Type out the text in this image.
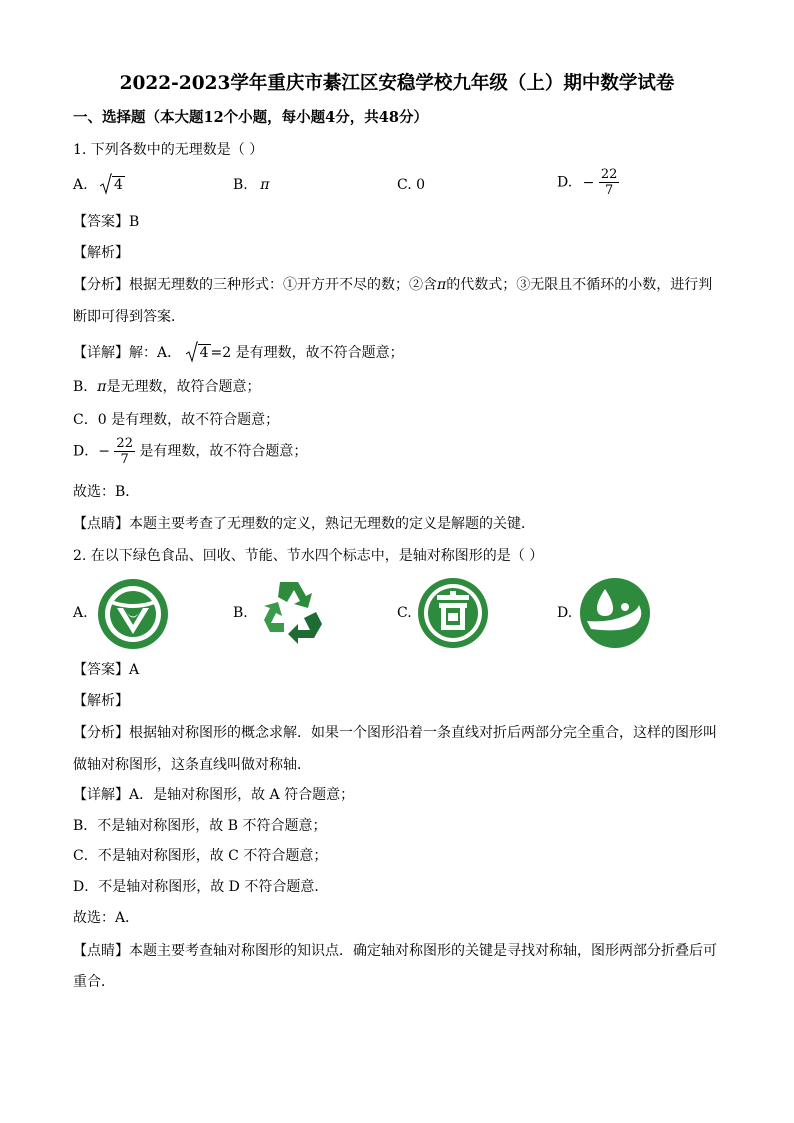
2022-2023学年重庆市綦江区安稳学校九年级（上）期中数学试卷
一、选择题（本大题12个小题，每小题4分，共48分）
1. 下列各数中的无理数是（ ）
A. 4	B. π	C. 0	D. − $\frac{22}{7}$
【答案】B
【解析】
【分析】根据无理数的三种形式：①开方开不尽的数；②含π的代数式；③无限且不循环的小数，进行判
断即可得到答案．
【详解】解：A． 4 =2 是有理数，故不符合题意；
B．π是无理数，故符合题意；
C．0 是有理数，故不符合题意；
D．− $\frac{22}{7}$ 是有理数，故不符合题意；
故选：B．
【点睛】本题主要考查了无理数的定义，熟记无理数的定义是解题的关键．
2. 在以下绿色食品、回收、节能、节水四个标志中，是轴对称图形的是（ ）
A.	B.	C.	D.
【答案】A
【解析】
【分析】根据轴对称图形的概念求解．如果一个图形沿着一条直线对折后两部分完全重合，这样的图形叫
做轴对称图形，这条直线叫做对称轴．
【详解】A．是轴对称图形，故 A 符合题意；
B．不是轴对称图形，故 B 不符合题意；
C．不是轴对称图形，故 C 不符合题意；
D．不是轴对称图形，故 D 不符合题意．
故选：A．
【点睛】本题主要考查轴对称图形的知识点．确定轴对称图形的关键是寻找对称轴，图形两部分折叠后可
重合．
